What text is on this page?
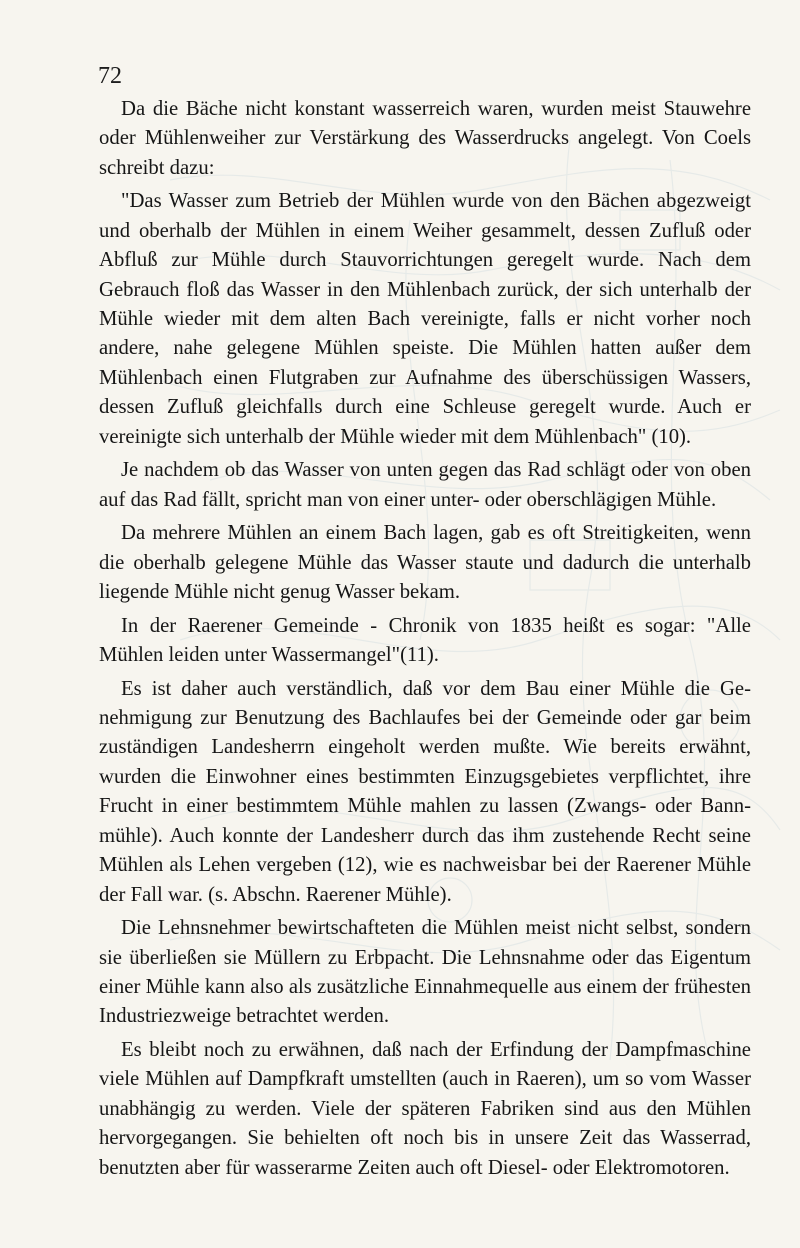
72

Da die Bäche nicht konstant wasserreich waren, wurden meist Stauwehre oder Mühlenweiher zur Verstärkung des Wasserdrucks angelegt. Von Coels schreibt dazu:

"Das Wasser zum Betrieb der Mühlen wurde von den Bächen abgezweigt und oberhalb der Mühlen in einem Weiher gesammelt, dessen Zufluß oder Abfluß zur Mühle durch Stauvorrichtungen geregelt wurde. Nach dem Gebrauch floß das Wasser in den Mühlenbach zurück, der sich unterhalb der Mühle wieder mit dem alten Bach vereinigte, falls er nicht vorher noch andere, nahe gelegene Mühlen speiste. Die Mühlen hatten außer dem Mühlenbach einen Flutgraben zur Aufnahme des überschüssigen Wassers, dessen Zufluß gleichfalls durch eine Schleuse geregelt wurde. Auch er vereinigte sich unterhalb der Mühle wieder mit dem Mühlenbach" (10).

Je nachdem ob das Wasser von unten gegen das Rad schlägt oder von oben auf das Rad fällt, spricht man von einer unter- oder oberschlägigen Mühle.

Da mehrere Mühlen an einem Bach lagen, gab es oft Streitigkeiten, wenn die oberhalb gelegene Mühle das Wasser staute und dadurch die unterhalb liegende Mühle nicht genug Wasser bekam.

In der Raerener Gemeinde - Chronik von 1835 heißt es sogar: "Alle Mühlen leiden unter Wassermangel"(11).

Es ist daher auch verständlich, daß vor dem Bau einer Mühle die Genehmigung zur Benutzung des Bachlaufes bei der Gemeinde oder gar beim zuständigen Landesherrn eingeholt werden mußte. Wie bereits erwähnt, wurden die Einwohner eines bestimmten Einzugsgebietes verpflichtet, ihre Frucht in einer bestimmtem Mühle mahlen zu lassen (Zwangs- oder Bannmühle). Auch konnte der Landesherr durch das ihm zustehende Recht seine Mühlen als Lehen vergeben (12), wie es nachweisbar bei der Raerener Mühle der Fall war. (s. Abschn. Raerener Mühle).

Die Lehnsnehmer bewirtschafteten die Mühlen meist nicht selbst, sondern sie überließen sie Müllern zu Erbpacht. Die Lehnsnahme oder das Eigentum einer Mühle kann also als zusätzliche Einnahmequelle aus einem der frühesten Industriezweige betrachtet werden.

Es bleibt noch zu erwähnen, daß nach der Erfindung der Dampfmaschine viele Mühlen auf Dampfkraft umstellten (auch in Raeren), um so vom Wasser unabhängig zu werden. Viele der späteren Fabriken sind aus den Mühlen hervorgegangen. Sie behielten oft noch bis in unsere Zeit das Wasserrad, benutzten aber für wasserarme Zeiten auch oft Diesel- oder Elektromotoren.
